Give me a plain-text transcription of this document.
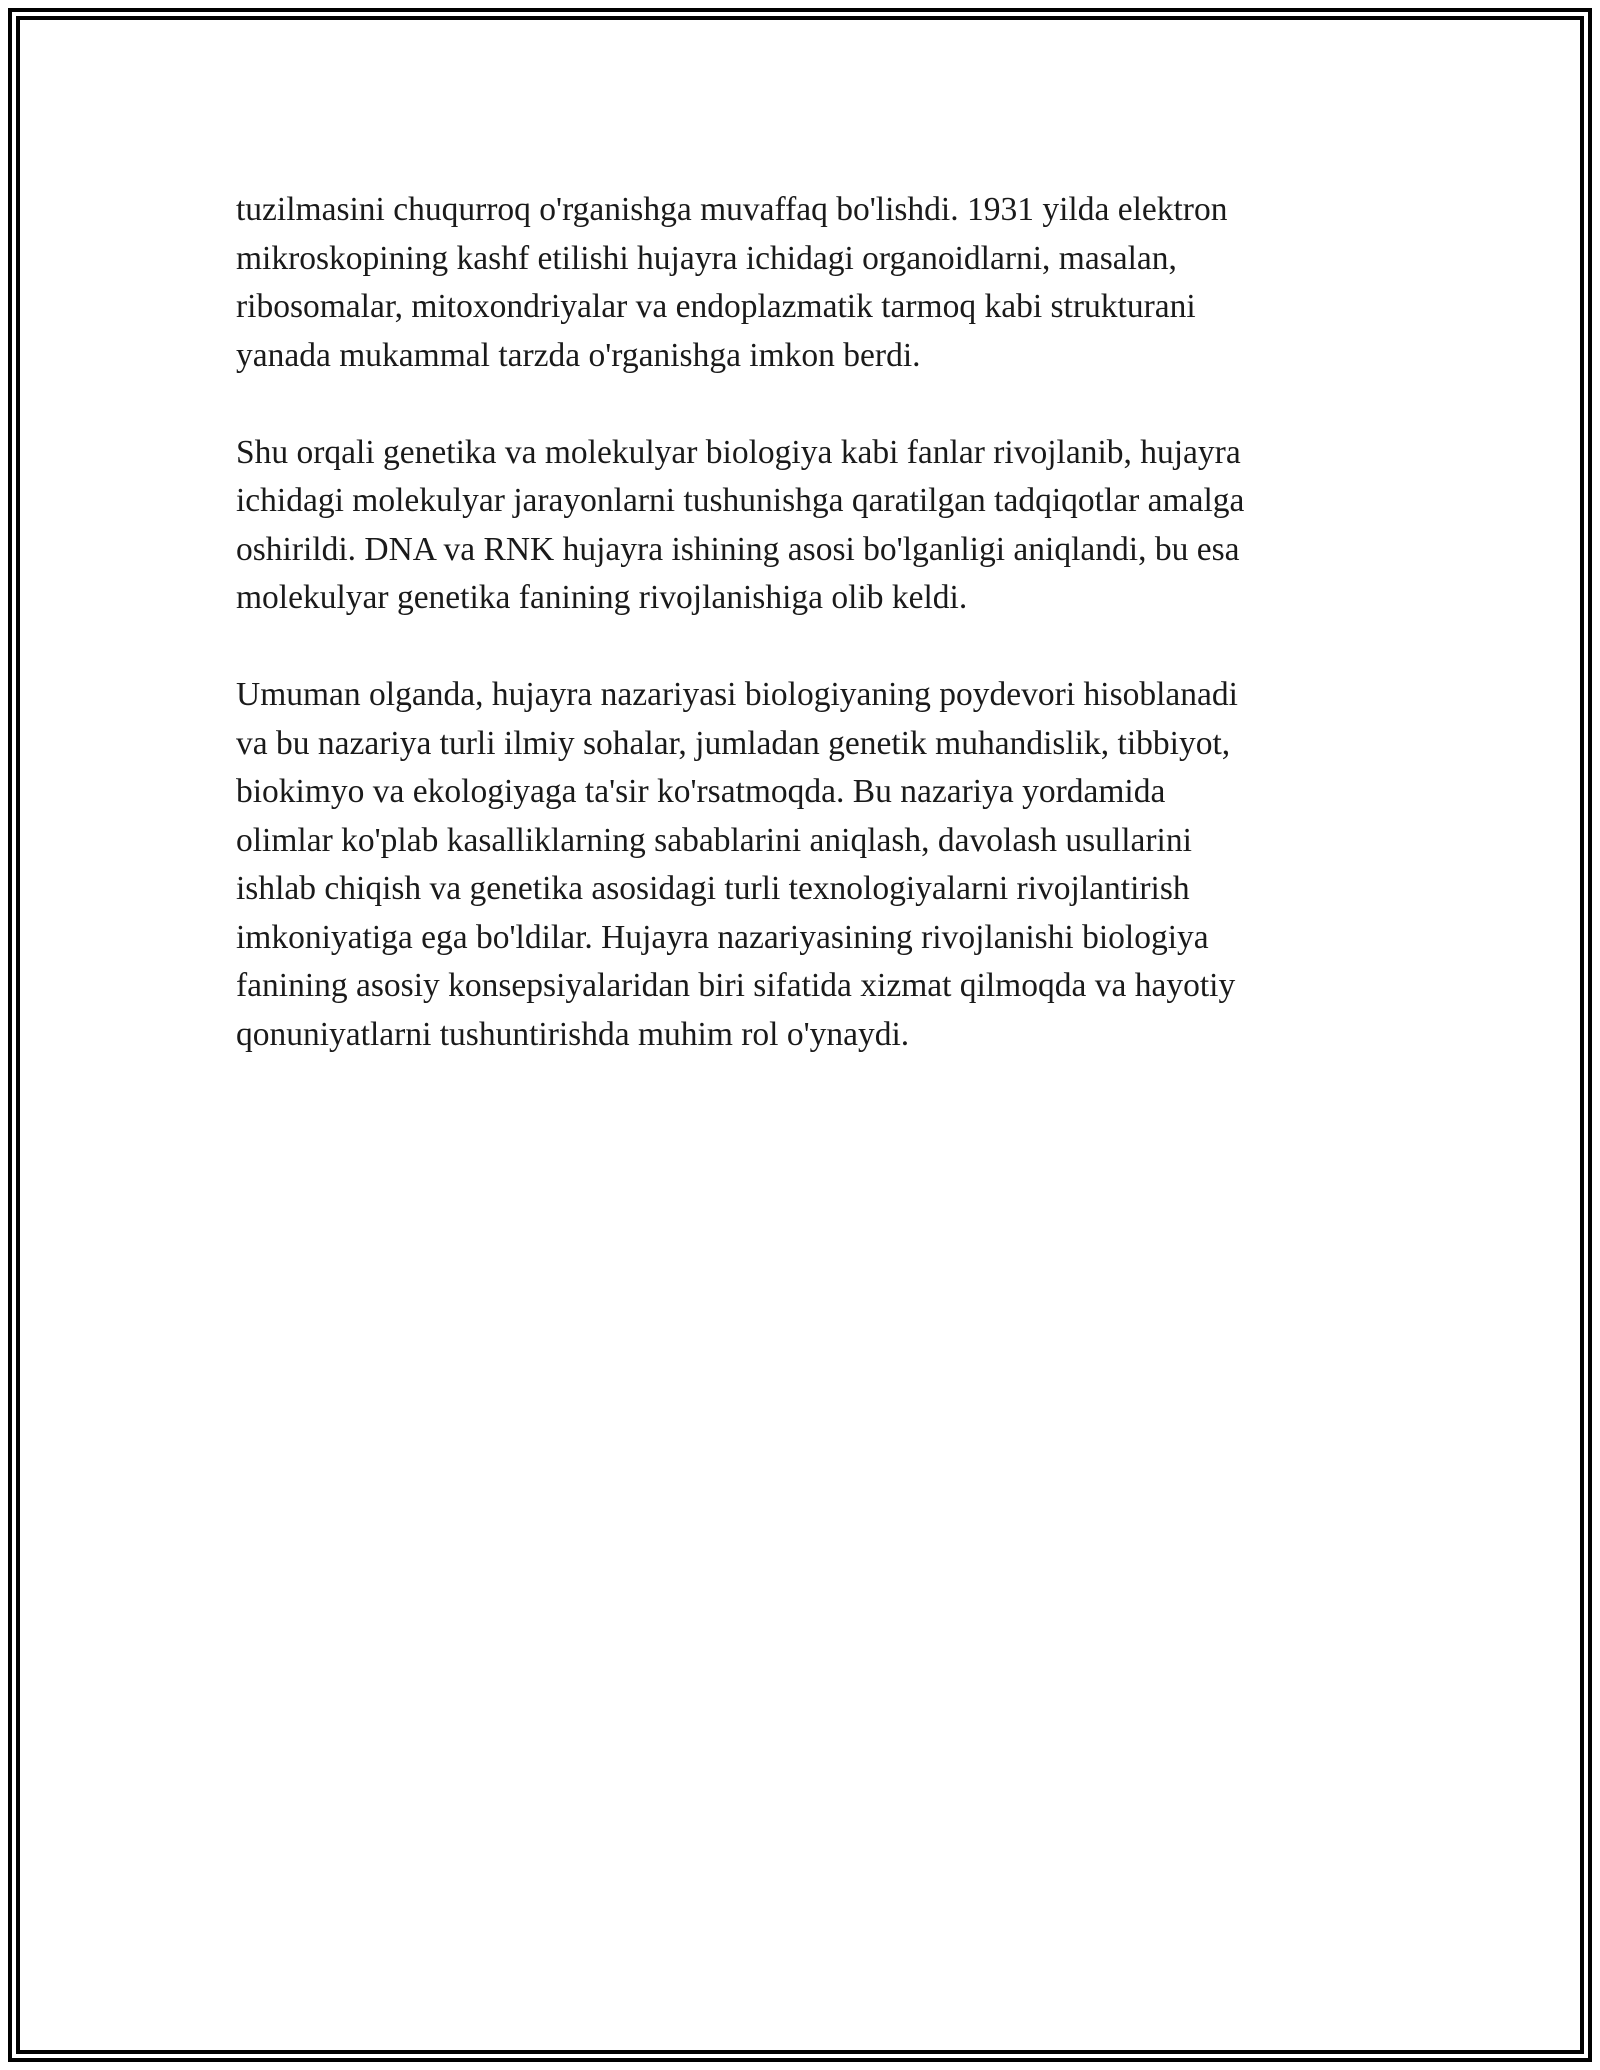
tuzilmasini chuqurroq o'rganishga muvaffaq bo'lishdi. 1931 yilda elektron
mikroskopining kashf etilishi hujayra ichidagi organoidlarni, masalan,
ribosomalar, mitoxondriyalar va endoplazmatik tarmoq kabi strukturani
yanada mukammal tarzda o'rganishga imkon berdi.

Shu orqali genetika va molekulyar biologiya kabi fanlar rivojlanib, hujayra
ichidagi molekulyar jarayonlarni tushunishga qaratilgan tadqiqotlar amalga
oshirildi. DNA va RNK hujayra ishining asosi bo'lganligi aniqlandi, bu esa
molekulyar genetika fanining rivojlanishiga olib keldi.

Umuman olganda, hujayra nazariyasi biologiyaning poydevori hisoblanadi
va bu nazariya turli ilmiy sohalar, jumladan genetik muhandislik, tibbiyot,
biokimyo va ekologiyaga ta'sir ko'rsatmoqda. Bu nazariya yordamida
olimlar ko'plab kasalliklarning sabablarini aniqlash, davolash usullarini
ishlab chiqish va genetika asosidagi turli texnologiyalarni rivojlantirish
imkoniyatiga ega bo'ldilar. Hujayra nazariyasining rivojlanishi biologiya
fanining asosiy konsepsiyalaridan biri sifatida xizmat qilmoqda va hayotiy
qonuniyatlarni tushuntirishda muhim rol o'ynaydi.
